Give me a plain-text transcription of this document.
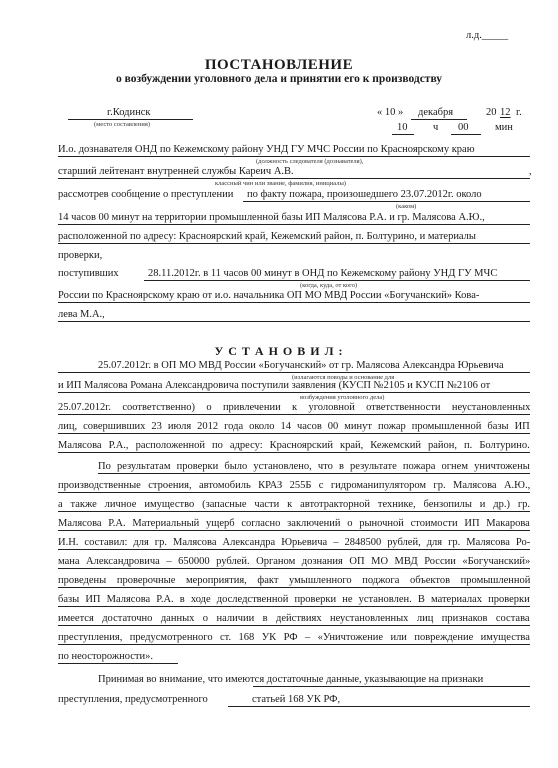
л.д._____
ПОСТАНОВЛЕНИЕ
о возбуждении уголовного дела и принятии его к производству
г.Кодинск
(место составления)
« 10 » декабря	20 12 г.
10 ч 00	мин
И.о. дознавателя ОНД по Кежемскому району УНД ГУ МЧС России по Красноярскому краю
(должность следователя (дознавателя),
старший лейтенант внутренней службы Кареич А.В.	,
классный чин или звание, фамилия, инициалы)
рассмотрев сообщение о преступлении по факту пожара, произошедшего 23.07.2012г. около
(каком)
14 часов 00 минут на территории промышленной базы ИП Малясова Р.А. и гр. Малясова А.Ю.,
расположенной по адресу: Красноярский край, Кежемский район, п. Болтурино, и материалы
проверки,
поступивших	28.11.2012г. в 11 часов 00 минут в ОНД по Кежемскому району УНД ГУ МЧС
(когда, куда, от кого)
России по Красноярскому краю от и.о. начальника ОП МО МВД России «Богучанский» Кова-
лева М.А.,
У С Т А Н О В И Л :
25.07.2012г. в ОП МО МВД России «Богучанский» от гр. Малясова Александра Юрьевича
(излагаются поводы и основание для
и ИП Малясова Романа Александровича поступили заявления (КУСП №2105 и КУСП №2106 от
возбуждения уголовного дела)
25.07.2012г. соответственно) о привлечении к уголовной ответственности неустановленных
лиц, совершивших 23 июля 2012 года около 14 часов 00 минут пожар промышленной базы ИП
Малясова Р.А., расположенной по адресу: Красноярский край, Кежемский район, п. Болтурино.
По результатам проверки было установлено, что в результате пожара огнем уничтожены
производственные строения, автомобиль КРАЗ 255Б с гидроманипулятором гр. Малясова А.Ю.,
а также личное имущество (запасные части к автотракторной технике, бензопилы и др.) гр.
Малясова Р.А. Материальный ущерб согласно заключений о рыночной стоимости ИП Макарова
И.Н. составил: для гр. Малясова Александра Юрьевича – 2848500 рублей, для гр. Малясова Ро-
мана Александровича – 650000 рублей. Органом дознания ОП МО МВД России «Богучанский»
проведены проверочные мероприятия, факт умышленного поджога объектов промышленной
базы ИП Малясова Р.А. в ходе доследственной проверки не установлен. В материалах проверки
имеется достаточно данных о наличии в действиях неустановленных лиц признаков состава
преступления, предусмотренного ст. 168 УК РФ – «Уничтожение или повреждение имущества
по неосторожности».
Принимая во внимание, что имеются достаточные данные, указывающие на признаки
преступления, предусмотренного	статьей 168 УК РФ,
